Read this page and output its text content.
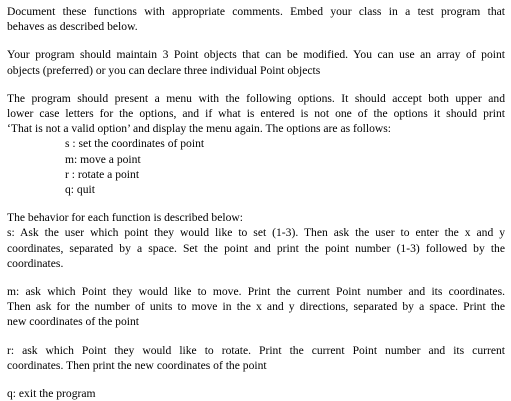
Document these functions with appropriate comments. Embed your class in a test program that

behaves as described below.

Your program should maintain 3 Point objects that can be modified. You can use an array of point

objects (preferred) or you can declare three individual Point objects

The program should present a menu with the following options. It should accept both upper and

lower case letters for the options, and if what is entered is not one of the options it should print

‘That is not a valid option’ and display the menu again. The options are as follows:

s : set the coordinates of point

m: move a point

r : rotate a point

q: quit

The behavior for each function is described below:

s: Ask the user which point they would like to set (1-3). Then ask the user to enter the x and y

coordinates, separated by a space. Set the point and print the point number (1-3) followed by the

coordinates.

m: ask which Point they would like to move. Print the current Point number and its coordinates.

Then ask for the number of units to move in the x and y directions, separated by a space. Print the

new coordinates of the point

r: ask which Point they would like to rotate. Print the current Point number and its current

coordinates. Then print the new coordinates of the point

q: exit the program
